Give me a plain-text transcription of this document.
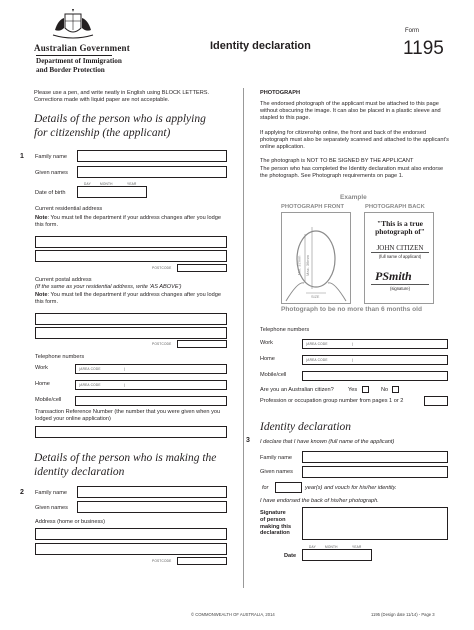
Australian Government
Department of Immigration
and Border Protection
Identity declaration
Form
1195
Please use a pen, and write neatly in English using BLOCK LETTERS.
Corrections made with liquid paper are not acceptable.
Details of the person who is applying
for citizenship (the applicant)
1 Family name
Given names
DAY	MONTH	YEAR
Date of birth
Current residential address
Note: You must tell the department if your address changes after you lodge this form.
POSTCODE
Current postal address
(If the same as your residential address, write 'AS ABOVE')
Note: You must tell the department if your address changes after you lodge this form.
POSTCODE
Telephone numbers
Work	(AREA CODE	)
Home	(AREA CODE	)
Mobile/cell
Transaction Reference Number (the number that you were given when you lodged your online application)
Details of the person who is making the
identity declaration
2 Family name
Given names
Address (home or business)
POSTCODE
PHOTOGRAPH
The endorsed photograph of the applicant must be attached to this page without obscuring the image. It can also be placed in a plastic sleeve and stapled to this page.
If applying for citizenship online, the front and back of the endorsed photograph must also be separately scanned and attached to the applicant's online application.
The photograph is NOT TO BE SIGNED BY THE APPLICANT
The person who has completed the Identity declaration must also endorse the photograph. See Photograph requirements on page 1.
Example
PHOTOGRAPH FRONT	PHOTOGRAPH BACK
Min. 32mm Max. 36mm
SIZE
"This is a true photograph of"
JOHN CITIZEN
(full name of applicant)
PSmith
(signature)
Photograph to be no more than 6 months old
Telephone numbers
Work	(AREA CODE	)
Home	(AREA CODE	)
Mobile/cell
Are you an Australian citizen?	Yes	No
Profession or occupation group number from pages 1 or 2
Identity declaration
3 I declare that I have known (full name of the applicant)
Family name
Given names
for	year(s) and vouch for his/her identity.
I have endorsed the back of his/her photograph.
Signature
of person
making this
declaration
DAY	MONTH	YEAR
Date
© COMMONWEALTH OF AUSTRALIA, 2014	1195 (Design date 11/14) - Page 3
